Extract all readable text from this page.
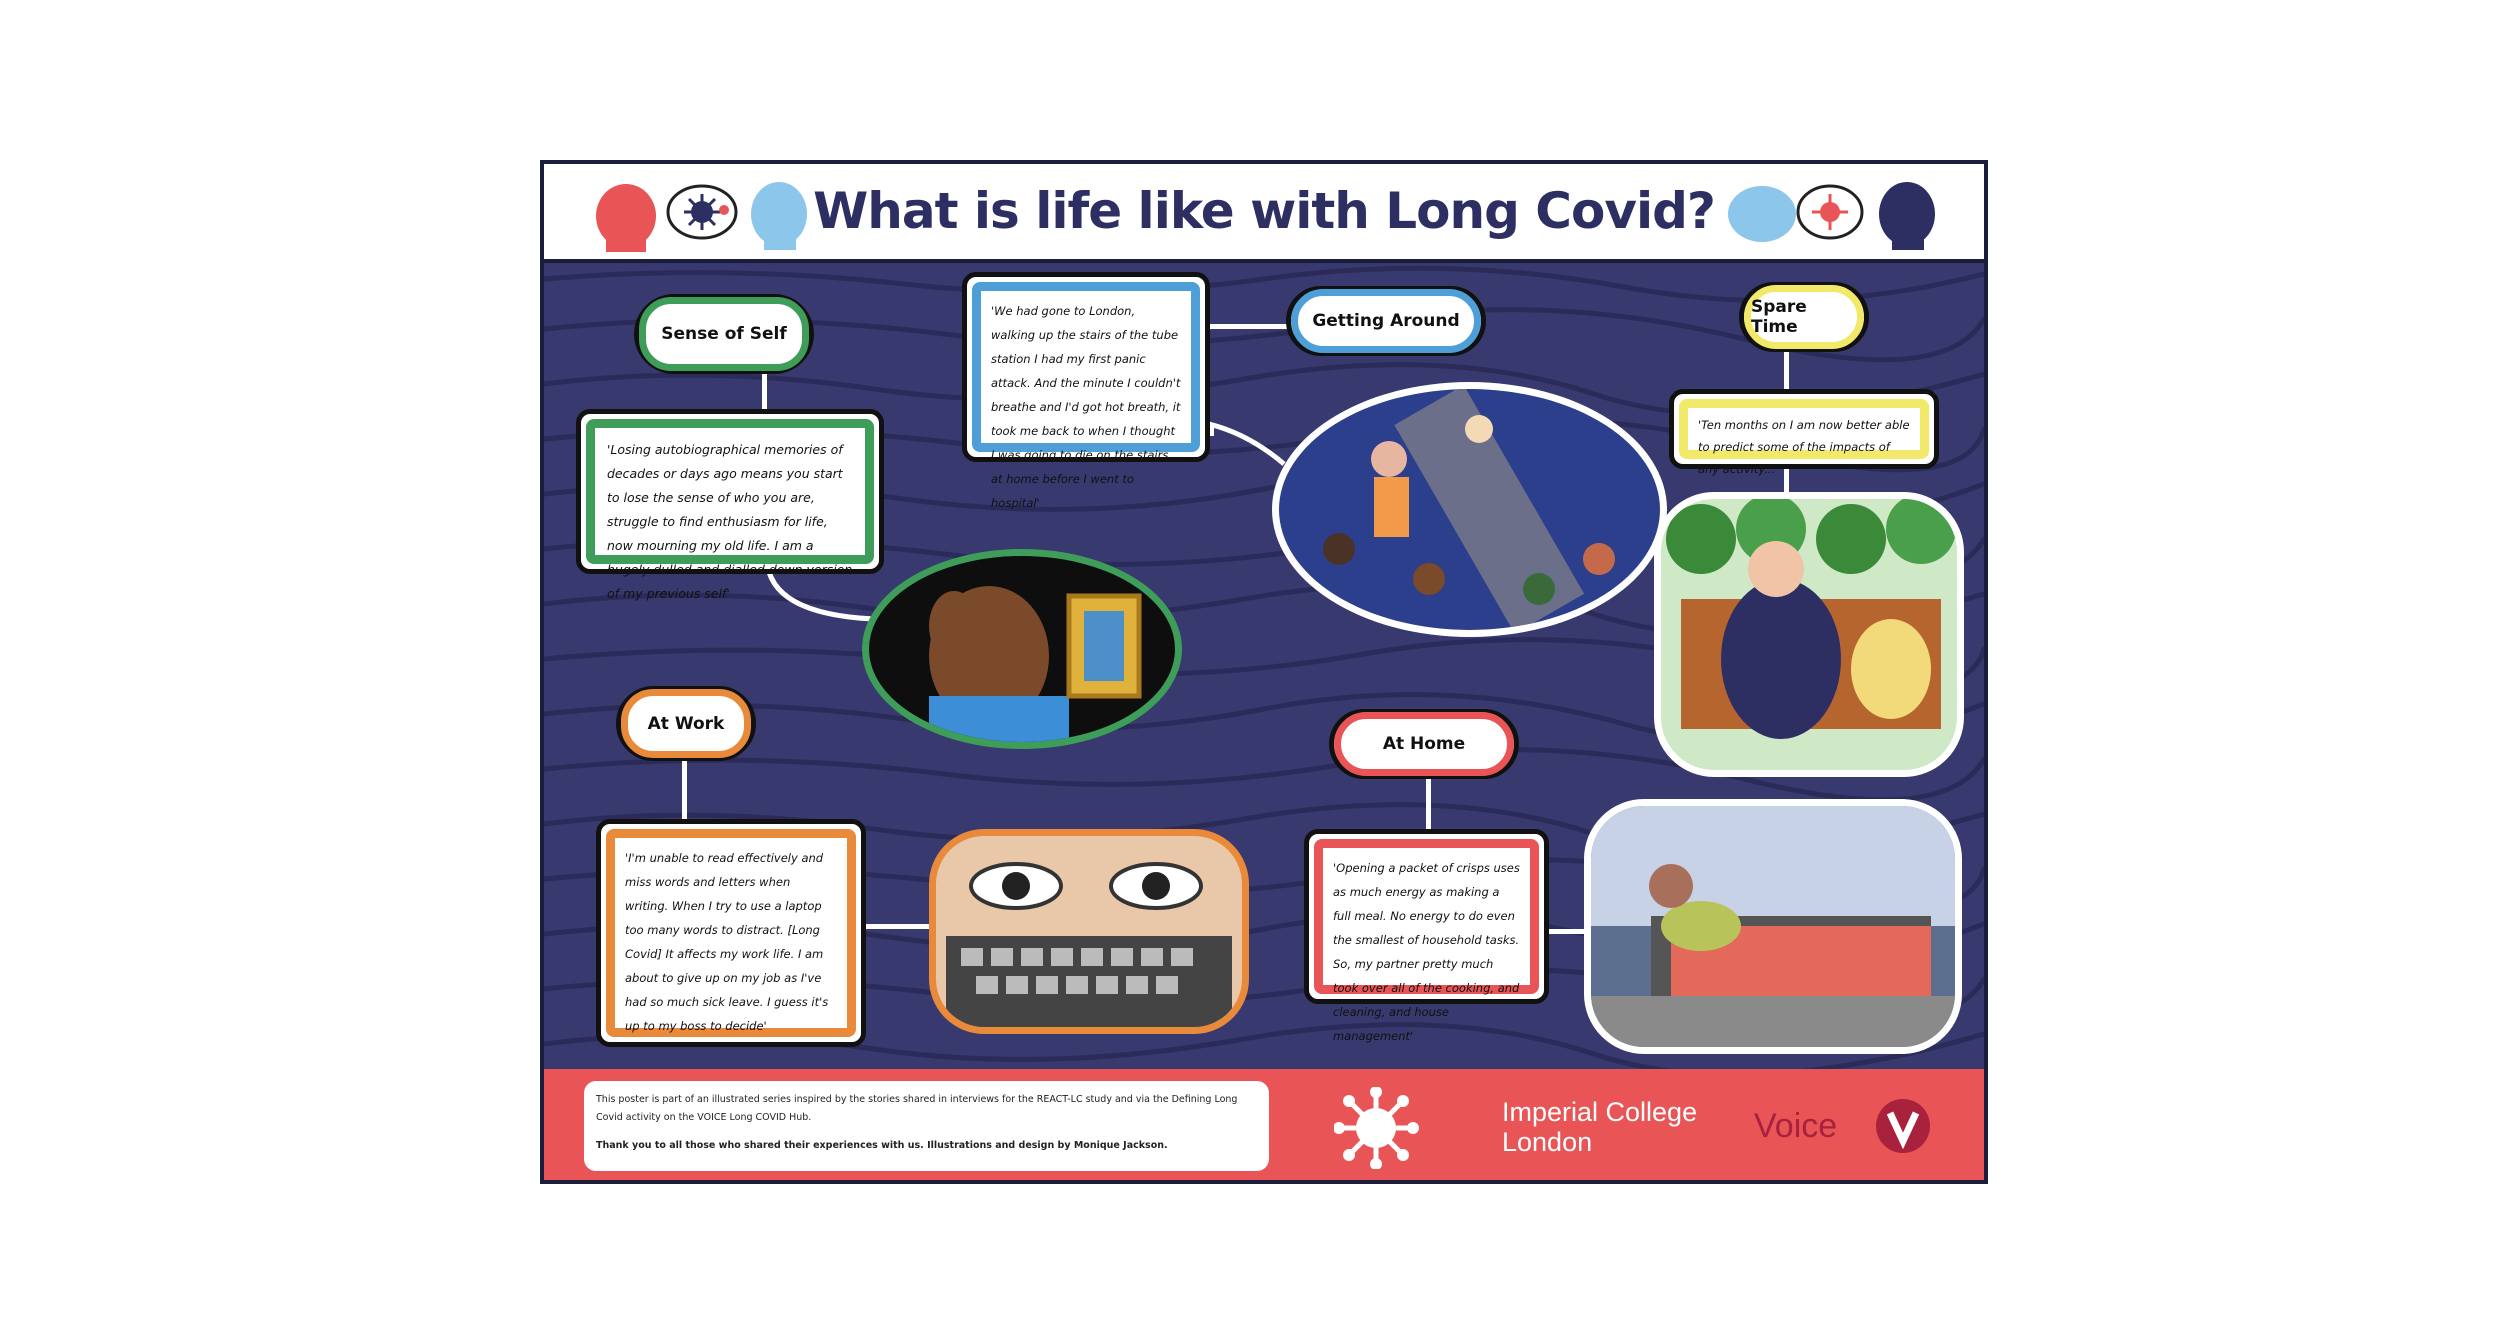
What is life like with Long Covid?
Sense of Self

'Losing autobiographical memories of decades or days ago means you start to lose the sense of who you are, struggle to find enthusiasm for life, now mourning my old life. I am a hugely dulled and dialled down version of my previous self'

'We had gone to London, walking up the stairs of the tube station I had my first panic attack. And the minute I couldn't breathe and I'd got hot breath, it took me back to when I thought I was going to die on the stairs at home before I went to hospital'

Getting Around
Spare Time

'Ten months on I am now better able to predict some of the impacts of any activity...'

At Work

'I'm unable to read effectively and miss words and letters when writing. When I try to use a laptop too many words to distract. [Long Covid] It affects my work life. I am about to give up on my job as I've had so much sick leave. I guess it's up to my boss to decide'

At Home

'Opening a packet of crisps uses as much energy as making a full meal. No energy to do even the smallest of household tasks. So, my partner pretty much took over all of the cooking, and cleaning, and house management'

This poster is part of an illustrated series inspired by the stories shared in interviews for the REACT-LC study and via the Defining Long Covid activity on the VOICE Long COVID Hub.

Thank you to all those who shared their experiences with us. Illustrations and design by Monique Jackson.

Imperial College London	Voice
